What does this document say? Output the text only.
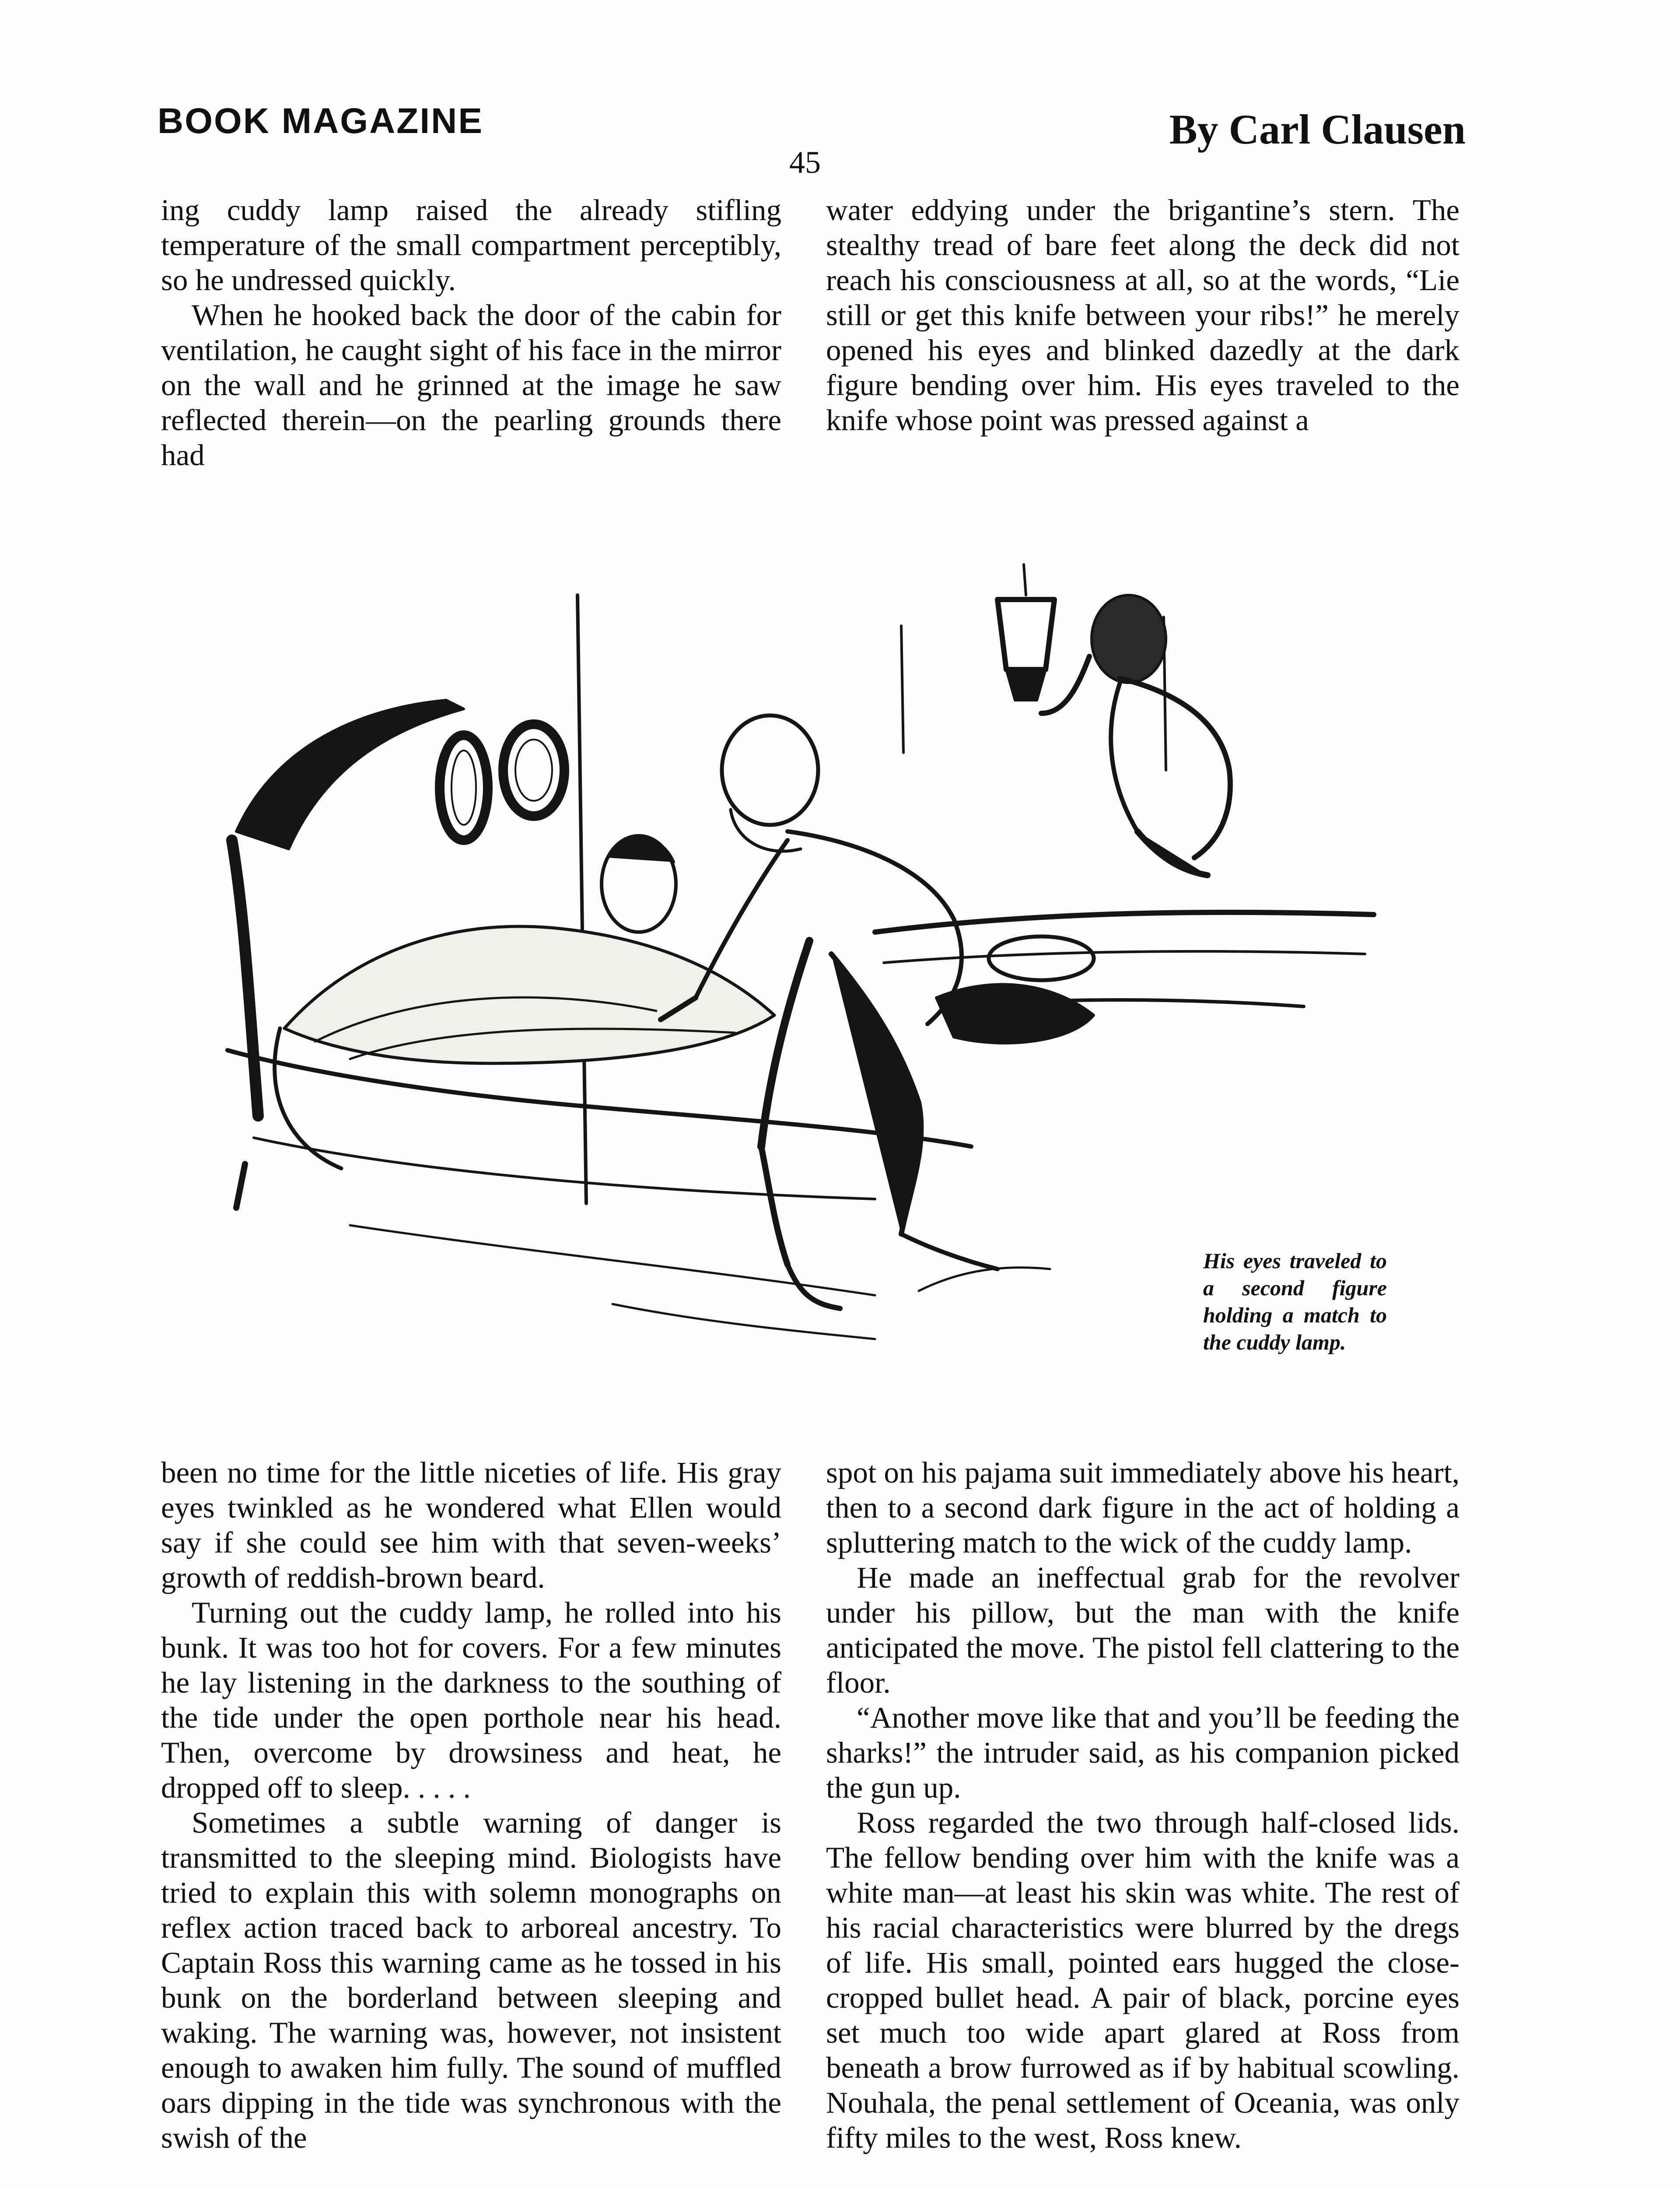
BOOK MAGAZINE	By Carl Clausen
45

ing cuddy lamp raised the already stifling temperature of the small compartment perceptibly, so he undressed quickly.

When he hooked back the door of the cabin for ventilation, he caught sight of his face in the mirror on the wall and he grinned at the image he saw reflected therein—on the pearling grounds there had

water eddying under the brigantine’s stern. The stealthy tread of bare feet along the deck did not reach his consciousness at all, so at the words, “Lie still or get this knife between your ribs!” he merely opened his eyes and blinked dazedly at the dark figure bending over him. His eyes traveled to the knife whose point was pressed against a

His eyes traveled to a second figure holding a match to the cuddy lamp.

been no time for the little niceties of life. His gray eyes twinkled as he wondered what Ellen would say if she could see him with that seven-weeks’ growth of reddish-brown beard.

Turning out the cuddy lamp, he rolled into his bunk. It was too hot for covers. For a few minutes he lay listening in the darkness to the southing of the tide under the open porthole near his head. Then, overcome by drowsiness and heat, he dropped off to sleep. . . . .

Sometimes a subtle warning of danger is transmitted to the sleeping mind. Biologists have tried to explain this with solemn monographs on reflex action traced back to arboreal ancestry. To Captain Ross this warning came as he tossed in his bunk on the borderland between sleeping and waking. The warning was, however, not insistent enough to awaken him fully. The sound of muffled oars dipping in the tide was synchronous with the swish of the

spot on his pajama suit immediately above his heart, then to a second dark figure in the act of holding a spluttering match to the wick of the cuddy lamp.

He made an ineffectual grab for the revolver under his pillow, but the man with the knife anticipated the move. The pistol fell clattering to the floor.

“Another move like that and you’ll be feeding the sharks!” the intruder said, as his companion picked the gun up.

Ross regarded the two through half-closed lids. The fellow bending over him with the knife was a white man—at least his skin was white. The rest of his racial characteristics were blurred by the dregs of life. His small, pointed ears hugged the close-cropped bullet head. A pair of black, porcine eyes set much too wide apart glared at Ross from beneath a brow furrowed as if by habitual scowling. Nouhala, the penal settlement of Oceania, was only fifty miles to the west, Ross knew.
